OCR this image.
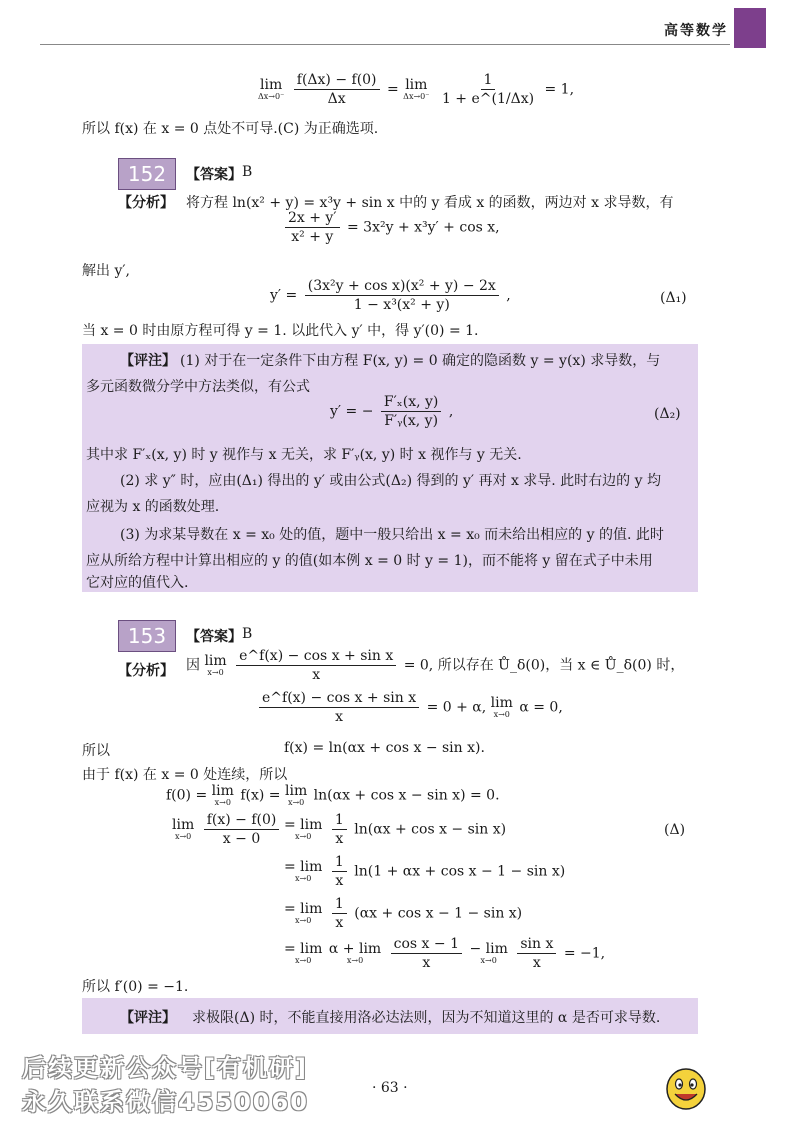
高等数学
lim
Δx→0⁻
$\frac{f(\Delta x) - f(0)}{\Delta x} = \lim$
Δx→0⁻
$\frac{1}{1 + e\^{}(1/\Delta x)} = 1$,
所以 f(x) 在 x = 0 点处不可导.(C) 为正确选项.
152	【答案】 B
【分析】 将方程 ln(x² + y) = x³y + sin x 中的 y 看成 x 的函数，两边对 x 求导数，有
$\frac{2x + y'}{\text{x² + y}} = 3x^2y + x^3y' + \cos x$,
解出 y′,
$y' = \frac{\text{(3x²y + cos x)(x² + y) − 2x}}{\text{1 − x³(x² + y)}}$ ,	(Δ₁)
当 x = 0 时由原方程可得 y = 1. 以此代入 y′ 中，得 y′(0) = 1.
【评注】 (1) 对于在一定条件下由方程 F(x, y) = 0 确定的隐函数 y = y(x) 求导数，与
多元函数微分学中方法类似，有公式
y′ = − $\frac{\text{F′ₓ(x, y)}}{\text{F′ᵧ(x, y)}}$ ,	(Δ₂)
其中求 F′ₓ(x, y) 时 y 视作与 x 无关，求 F′ᵧ(x, y) 时 x 视作与 y 无关.
(2) 求 y″ 时，应由(Δ₁) 得出的 y′ 或由公式(Δ₂) 得到的 y′ 再对 x 求导. 此时右边的 y 均
应视为 x 的函数处理.
(3) 为求某导数在 x = x₀ 处的值，题中一般只给出 x = x₀ 而未给出相应的 y 的值. 此时
应从所给方程中计算出相应的 y 的值(如本例 x = 0 时 y = 1)，而不能将 y 留在式子中未用
它对应的值代入.
153	【答案】 B
【分析】 因 lim
x→0
$\frac{\text{e\textasciicircum{}f(x) − cos x + sin x}}{x} = 0$, 所以存在 Ů_δ(0)，当 x ∈ Ů_δ(0) 时，
$\frac{\text{e\textasciicircum{}f(x) − cos x + sin x}}{x} = 0 + \alpha$, lim
x→0 α = 0,
所以	f(x) = ln(αx + cos x − sin x).
由于 f(x) 在 x = 0 处连续，所以
f(0) = lim
x→0 f(x) = lim
x→0 ln(αx + cos x − sin x) = 0.
lim
x→0
$\frac{f(x) - f(0)}{x - 0} = \lim$
x→0
$\frac{1}{x} \ln(\alpha x + \cos x - \sin x)$	(Δ)
= lim
x→0
$\frac{1}{x} \ln(1 + \alpha x + \cos x - 1 - \sin x)$
= lim
x→0
$\frac{1}{x} (\alpha x + \cos x - 1 - \sin x)$
= lim
x→0

α + lim
x→0
$\frac{\text{cos x − 1}}{x}$
− lim
x→0
$\frac{\text{sin x}}{x} = -1$,
所以 f′(0) = −1.
【评注】 求极限(Δ) 时，不能直接用洛必达法则，因为不知道这里的 α 是否可求导数.
后续更新公众号[有机研]
永久联系微信4550060	· 63 ·
